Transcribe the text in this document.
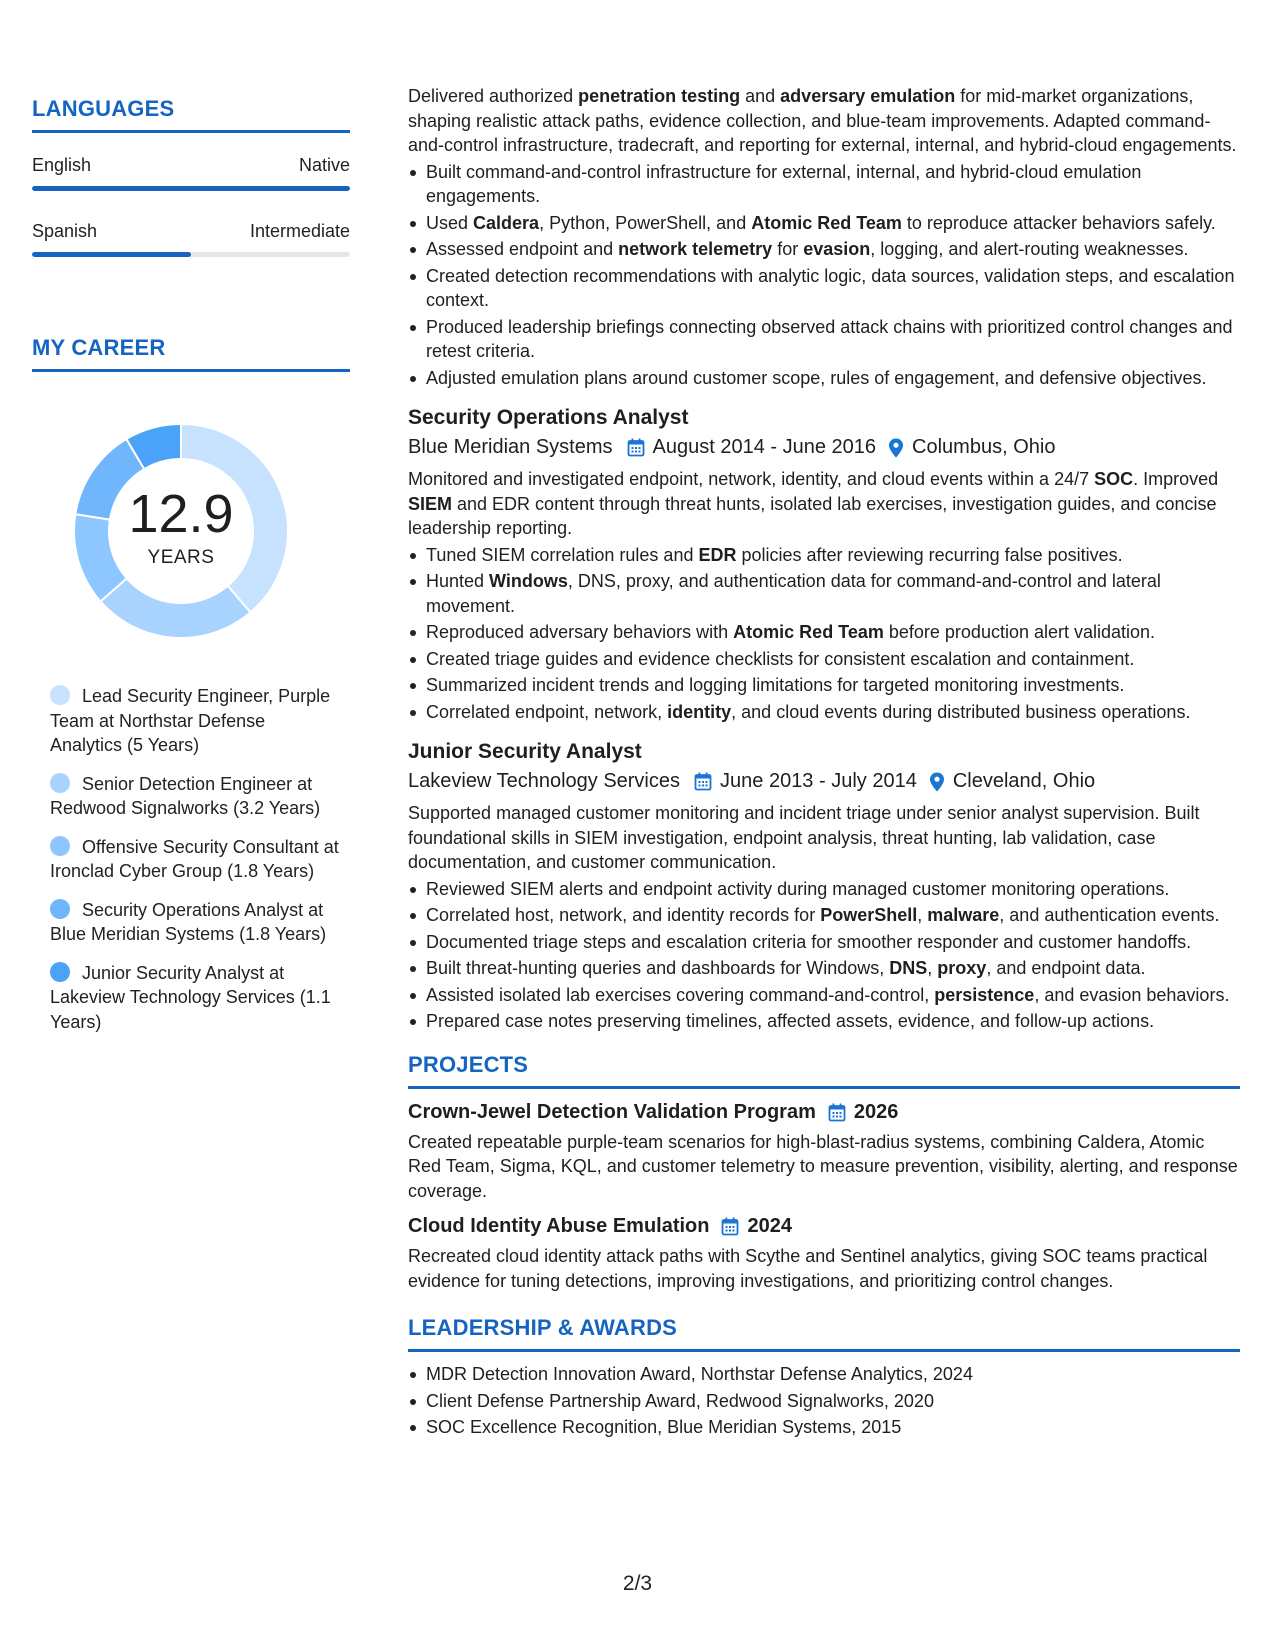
LANGUAGES
English	Native
Spanish	Intermediate
MY CAREER
12.9
YEARS
Lead Security Engineer, Purple Team at Northstar Defense Analytics (5 Years)
Senior Detection Engineer at Redwood Signalworks (3.2 Years)
Offensive Security Consultant at Ironclad Cyber Group (1.8 Years)
Security Operations Analyst at Blue Meridian Systems (1.8 Years)
Junior Security Analyst at Lakeview Technology Services (1.1 Years)
Delivered authorized penetration testing and adversary emulation for mid-market organizations, shaping realistic attack paths, evidence collection, and blue-team improvements. Adapted command-and-control infrastructure, tradecraft, and reporting for external, internal, and hybrid-cloud engagements.
Built command-and-control infrastructure for external, internal, and hybrid-cloud emulation engagements.
Used Caldera, Python, PowerShell, and Atomic Red Team to reproduce attacker behaviors safely.
Assessed endpoint and network telemetry for evasion, logging, and alert-routing weaknesses.
Created detection recommendations with analytic logic, data sources, validation steps, and escalation context.
Produced leadership briefings connecting observed attack chains with prioritized control changes and retest criteria.
Adjusted emulation plans around customer scope, rules of engagement, and defensive objectives.
Security Operations Analyst
Blue Meridian Systems August 2014 - June 2016 Columbus, Ohio
Monitored and investigated endpoint, network, identity, and cloud events within a 24/7 SOC. Improved SIEM and EDR content through threat hunts, isolated lab exercises, investigation guides, and concise leadership reporting.
Tuned SIEM correlation rules and EDR policies after reviewing recurring false positives.
Hunted Windows, DNS, proxy, and authentication data for command-and-control and lateral movement.
Reproduced adversary behaviors with Atomic Red Team before production alert validation.
Created triage guides and evidence checklists for consistent escalation and containment.
Summarized incident trends and logging limitations for targeted monitoring investments.
Correlated endpoint, network, identity, and cloud events during distributed business operations.
Junior Security Analyst
Lakeview Technology Services June 2013 - July 2014 Cleveland, Ohio
Supported managed customer monitoring and incident triage under senior analyst supervision. Built foundational skills in SIEM investigation, endpoint analysis, threat hunting, lab validation, case documentation, and customer communication.
Reviewed SIEM alerts and endpoint activity during managed customer monitoring operations.
Correlated host, network, and identity records for PowerShell, malware, and authentication events.
Documented triage steps and escalation criteria for smoother responder and customer handoffs.
Built threat-hunting queries and dashboards for Windows, DNS, proxy, and endpoint data.
Assisted isolated lab exercises covering command-and-control, persistence, and evasion behaviors.
Prepared case notes preserving timelines, affected assets, evidence, and follow-up actions.
PROJECTS
Crown-Jewel Detection Validation Program 2026
Created repeatable purple-team scenarios for high-blast-radius systems, combining Caldera, Atomic Red Team, Sigma, KQL, and customer telemetry to measure prevention, visibility, alerting, and response coverage.
Cloud Identity Abuse Emulation 2024
Recreated cloud identity attack paths with Scythe and Sentinel analytics, giving SOC teams practical evidence for tuning detections, improving investigations, and prioritizing control changes.
LEADERSHIP & AWARDS
MDR Detection Innovation Award, Northstar Defense Analytics, 2024
Client Defense Partnership Award, Redwood Signalworks, 2020
SOC Excellence Recognition, Blue Meridian Systems, 2015
2/3
